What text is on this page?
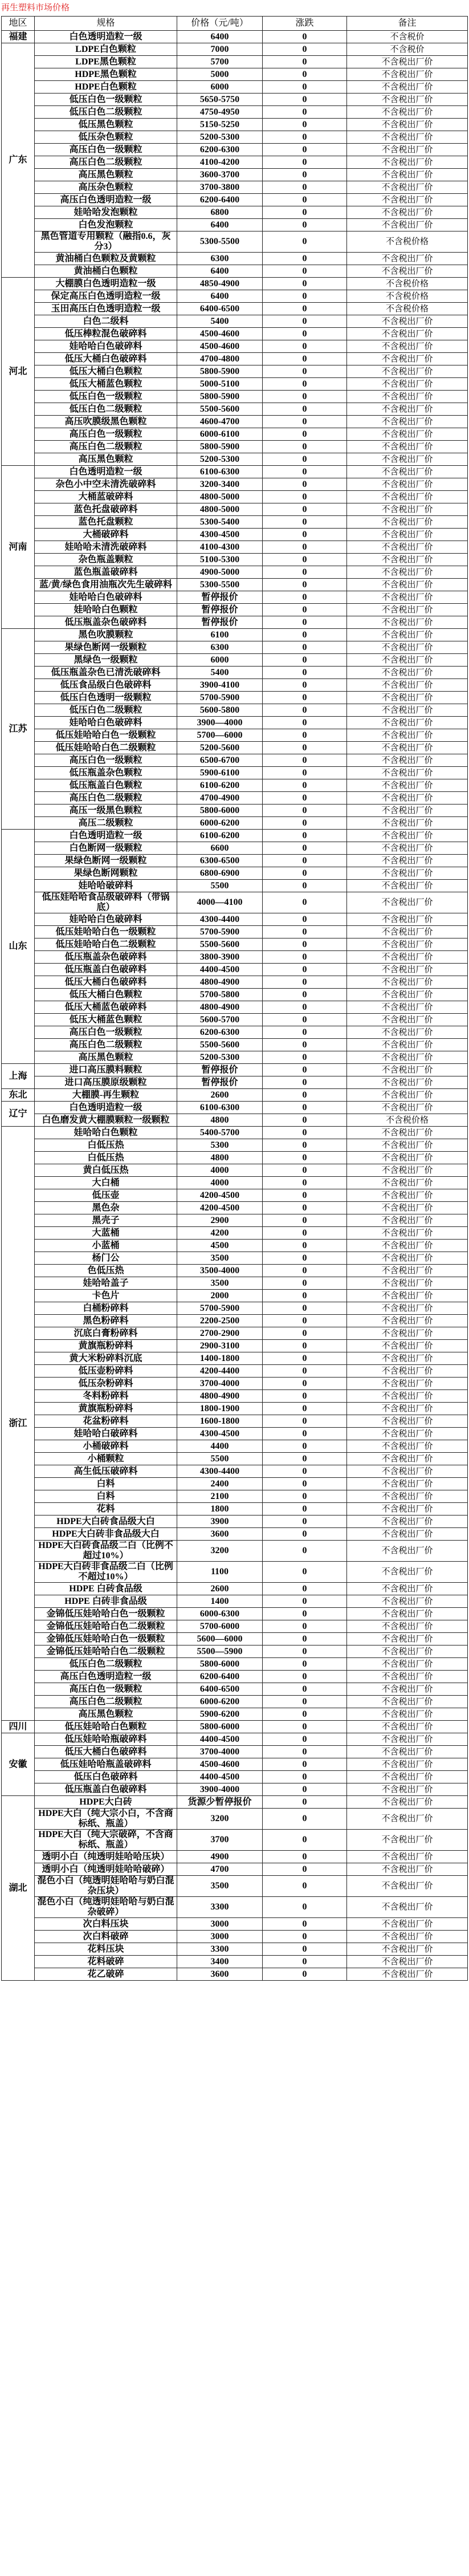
再生塑料市场价格
地区	规格	价格（元/吨）	涨跌	备注
福建	白色透明造粒一级	6400	0	不含税价
广东	LDPE白色颗粒	7000	0	不含税价
	LDPE黑色颗粒	5700	0	不含税出厂价
	HDPE黑色颗粒	5000	0	不含税出厂价
	HDPE白色颗粒	6000	0	不含税出厂价
	低压白色一级颗粒	5650-5750	0	不含税出厂价
	低压白色二级颗粒	4750-4950	0	不含税出厂价
	低压黑色颗粒	5150-5250	0	不含税出厂价
	低压杂色颗粒	5200-5300	0	不含税出厂价
	高压白色一级颗粒	6200-6300	0	不含税出厂价
	高压白色二级颗粒	4100-4200	0	不含税出厂价
	高压黑色颗粒	3600-3700	0	不含税出厂价
	高压杂色颗粒	3700-3800	0	不含税出厂价
	高压白色透明造粒一级	6200-6400	0	不含税出厂价
	娃哈哈发泡颗粒	6800	0	不含税出厂价
	白色发泡颗粒	6400	0	不含税出厂价
	黑色管道专用颗粒（融指0.6，灰分3）	5300-5500	0	不含税价格
	黄油桶白色颗粒及黄颗粒	6300	0	不含税出厂价
	黄油桶白色颗粒	6400	0	不含税出厂价
河北	大棚膜白色透明造粒一级	4850-4900	0	不含税价格
	保定高压白色透明造粒一级	6400	0	不含税价格
	玉田高压白色透明造粒一级	6400-6500	0	不含税价格
	白色二级料	5400	0	不含税出厂价
	低压棒粒混色破碎料	4500-4600	0	不含税出厂价
	娃哈哈白色破碎料	4500-4600	0	不含税出厂价
	低压大桶白色破碎料	4700-4800	0	不含税出厂价
	低压大桶白色颗粒	5800-5900	0	不含税出厂价
	低压大桶蓝色颗粒	5000-5100	0	不含税出厂价
	低压白色一级颗粒	5800-5900	0	不含税出厂价
	低压白色二级颗粒	5500-5600	0	不含税出厂价
	高压吹膜级黑色颗粒	4600-4700	0	不含税出厂价
	高压白色一级颗粒	6000-6100	0	不含税出厂价
	高压白色二级颗粒	5800-5900	0	不含税出厂价
	高压黑色颗粒	5200-5300	0	不含税出厂价
河南	白色透明造粒一级	6100-6300	0	不含税出厂价
	杂色小中空未清洗破碎料	3200-3400	0	不含税出厂价
	大桶蓝破碎料	4800-5000	0	不含税出厂价
	蓝色托盘破碎料	4800-5000	0	不含税出厂价
	蓝色托盘颗粒	5300-5400	0	不含税出厂价
	大桶破碎料	4300-4500	0	不含税出厂价
	娃哈哈未清洗破碎料	4100-4300	0	不含税出厂价
	杂色瓶盖颗粒	5100-5300	0	不含税出厂价
	蓝色瓶盖破碎料	4900-5000	0	不含税出厂价
	蓝/黄/绿色食用油瓶次先生破碎料	5300-5500	0	不含税出厂价
	娃哈哈白色破碎料	暂停报价	0	不含税出厂价
	娃哈哈白色颗粒	暂停报价	0	不含税出厂价
	低压瓶盖杂色破碎料	暂停报价	0	不含税出厂价
江苏	黑色吹膜颗粒	6100	0	不含税出厂价
	果绿色断网一级颗粒	6300	0	不含税出厂价
	黑绿色一级颗粒	6000	0	不含税出厂价
	低压瓶盖杂色已清洗破碎料	5400	0	不含税出厂价
	低压食品级白色破碎料	3900-4100	0	不含税出厂价
	低压白色透明一级颗粒	5700-5900	0	不含税出厂价
	低压白色二级颗粒	5600-5800	0	不含税出厂价
	娃哈哈白色破碎料	3900—4000	0	不含税出厂价
	低压娃哈哈白色一级颗粒	5700—6000	0	不含税出厂价
	低压娃哈哈白色二级颗粒	5200-5600	0	不含税出厂价
	高压白色一级颗粒	6500-6700	0	不含税出厂价
	低压瓶盖杂色颗粒	5900-6100	0	不含税出厂价
	低压瓶盖白色颗粒	6100-6200	0	不含税出厂价
	高压白色二级颗粒	4700-4900	0	不含税出厂价
	高压一级黑色颗粒	5800-6000	0	不含税出厂价
	高压二级颗粒	6000-6200	0	不含税出厂价
山东	白色透明造粒一级	6100-6200	0	不含税出厂价
	白色断网一级颗粒	6600	0	不含税出厂价
	果绿色断网一级颗粒	6300-6500	0	不含税出厂价
	果绿色断网颗粒	6800-6900	0	不含税出厂价
	娃哈哈破碎料	5500	0	不含税出厂价
	低压娃哈哈食品级破碎料（带锅底）	4000—4100	0	不含税出厂价
	娃哈哈白色破碎料	4300-4400	0	不含税出厂价
	低压娃哈哈白色一级颗粒	5700-5900	0	不含税出厂价
	低压娃哈哈白色二级颗粒	5500-5600	0	不含税出厂价
	低压瓶盖杂色破碎料	3800-3900	0	不含税出厂价
	低压瓶盖白色破碎料	4400-4500	0	不含税出厂价
	低压大桶白色破碎料	4800-4900	0	不含税出厂价
	低压大桶白色颗粒	5700-5800	0	不含税出厂价
	低压大桶蓝色破碎料	4800-4900	0	不含税出厂价
	低压大桶蓝色颗粒	5600-5700	0	不含税出厂价
	高压白色一级颗粒	6200-6300	0	不含税出厂价
	高压白色二级颗粒	5500-5600	0	不含税出厂价
	高压黑色颗粒	5200-5300	0	不含税出厂价
上海	进口高压膜料颗粒	暂停报价	0	不含税出厂价
	进口高压膜原级颗粒	暂停报价	0	不含税出厂价
东北	大棚膜-再生颗粒	2600	0	不含税出厂价
辽宁	白色透明造粒一级	6100-6300	0	不含税出厂价
	白色磨发黄大棚膜颗粒一级颗粒	4800	0	不含税价格
浙江	娃哈哈白色颗粒	5400-5700	0	不含税出厂价
	白低压热	5300	0	不含税出厂价
	白低压热	4800	0	不含税出厂价
	黄白低压热	4000	0	不含税出厂价
	大白桶	4000	0	不含税出厂价
	低压壶	4200-4500	0	不含税出厂价
	黑色杂	4200-4500	0	不含税出厂价
	黑壳子	2900	0	不含税出厂价
	大蓝桶	4200	0	不含税出厂价
	小蓝桶	4500	0	不含税出厂价
	杨门公	3500	0	不含税出厂价
	色低压热	3500-4000	0	不含税出厂价
	娃哈哈盖子	3500	0	不含税出厂价
	卡色片	2000	0	不含税出厂价
	白桶粉碎料	5700-5900	0	不含税出厂价
	黑色粉碎料	2200-2500	0	不含税出厂价
	沉底白膏粉碎料	2700-2900	0	不含税出厂价
	黄旗瓶粉碎料	2900-3100	0	不含税出厂价
	黄大米粉碎料沉底	1400-1800	0	不含税出厂价
	低压壶粉碎料	4200-4400	0	不含税出厂价
	低压杂粉碎料	3700-4000	0	不含税出厂价
	冬料粉碎料	4800-4900	0	不含税出厂价
	黄旗瓶粉碎料	1800-1900	0	不含税出厂价
	花盆粉碎料	1600-1800	0	不含税出厂价
	娃哈哈白破碎料	4300-4500	0	不含税出厂价
	小桶破碎料	4400	0	不含税出厂价
	小桶颗粒	5500	0	不含税出厂价
	高生低压破碎料	4300-4400	0	不含税出厂价
	白料	2400	0	不含税出厂价
	白料	2100	0	不含税出厂价
	花料	1800	0	不含税出厂价
	HDPE大白砖食品级大白	3900	0	不含税出厂价
	HDPE大白砖非食品级大白	3600	0	不含税出厂价
	HDPE大白砖食品级二白（比例不超过10%）	3200	0	不含税出厂价
	HDPE大白砖非食品级二白（比例不超过10%）	1100	0	不含税出厂价
	HDPE 白砖食品级	2600	0	不含税出厂价
	HDPE 白砖非食品级	1400	0	不含税出厂价
	金锦低压娃哈哈白色一级颗粒	6000-6300	0	不含税出厂价
	金锦低压娃哈哈白色二级颗粒	5700-6000	0	不含税出厂价
	金锦低压娃哈哈白色一级颗粒	5600—6000	0	不含税出厂价
	金锦低压娃哈哈白色二级颗粒	5500—5900	0	不含税出厂价
	低压白色二级颗粒	5800-6000	0	不含税出厂价
	高压白色透明造粒一级	6200-6400	0	不含税出厂价
	高压白色一级颗粒	6400-6500	0	不含税出厂价
	高压白色二级颗粒	6000-6200	0	不含税出厂价
	高压黑色颗粒	5900-6200	0	不含税出厂价
四川	低压娃哈哈白色颗粒	5800-6000	0	不含税出厂价
安徽	低压娃哈哈瓶破碎料	4400-4500	0	不含税出厂价
	低压大桶白色破碎料	3700-4000	0	不含税出厂价
	低压娃哈哈瓶盖破碎料	4500-4600	0	不含税出厂价
	低压白色破碎料	4400-4500	0	不含税出厂价
	低压瓶盖白色破碎料	3900-4000	0	不含税出厂价
湖北	HDPE大白砖	货源少暂停报价	0	不含税出厂价
	HDPE大白（纯大宗小白，不含商标纸、瓶盖）	3200	0	不含税出厂价
	HDPE大白（纯大宗破碎，不含商标纸、瓶盖）	3700	0	不含税出厂价
	透明小白（纯透明娃哈哈压块）	4900	0	不含税出厂价
	透明小白（纯透明娃哈哈破碎）	4700	0	不含税出厂价
	混色小白（纯透明娃哈哈与奶白混杂压块）	3500	0	不含税出厂价
	混色小白（纯透明娃哈哈与奶白混杂破碎）	3300	0	不含税出厂价
	次白料压块	3000	0	不含税出厂价
	次白料破碎	3000	0	不含税出厂价
	花料压块	3300	0	不含税出厂价
	花料破碎	3400	0	不含税出厂价
	花乙破碎	3600	0	不含税出厂价
